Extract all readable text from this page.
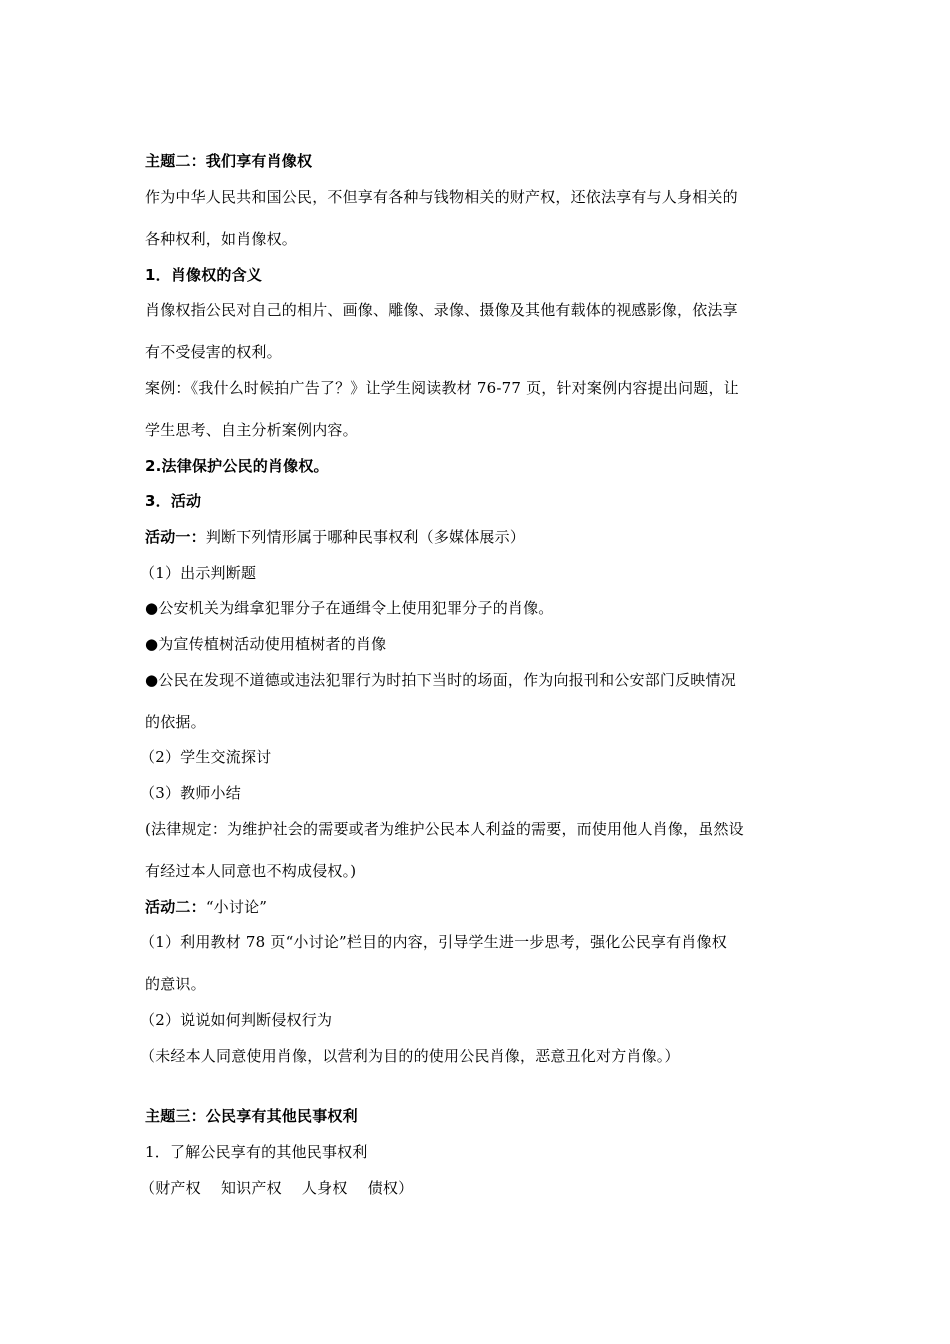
主题二：我们享有肖像权
作为中华人民共和国公民，不但享有各种与钱物相关的财产权，还依法享有与人身相关的
各种权利，如肖像权。
1．肖像权的含义
肖像权指公民对自己的相片、画像、雕像、录像、摄像及其他有载体的视感影像，依法享
有不受侵害的权利。
案例：《我什么时候拍广告了？》让学生阅读教材 76-77 页，针对案例内容提出问题，让
学生思考、自主分析案例内容。
2.法律保护公民的肖像权。
3．活动
活动一：判断下列情形属于哪种民事权利（多媒体展示）
（1）出示判断题
●公安机关为缉拿犯罪分子在通缉令上使用犯罪分子的肖像。
●为宣传植树活动使用植树者的肖像
●公民在发现不道德或违法犯罪行为时拍下当时的场面，作为向报刊和公安部门反映情况
的依据。
（2）学生交流探讨
（3）教师小结
(法律规定：为维护社会的需要或者为维护公民本人利益的需要，而使用他人肖像，虽然设
有经过本人同意也不构成侵权。)
活动二：“小讨论”
（1）利用教材 78 页“小讨论”栏目的内容，引导学生进一步思考，强化公民享有肖像权
的意识。
（2）说说如何判断侵权行为
（未经本人同意使用肖像，以营利为目的的使用公民肖像，恶意丑化对方肖像。）
主题三：公民享有其他民事权利
1．了解公民享有的其他民事权利
（财产权　 知识产权　 人身权　 债权）
